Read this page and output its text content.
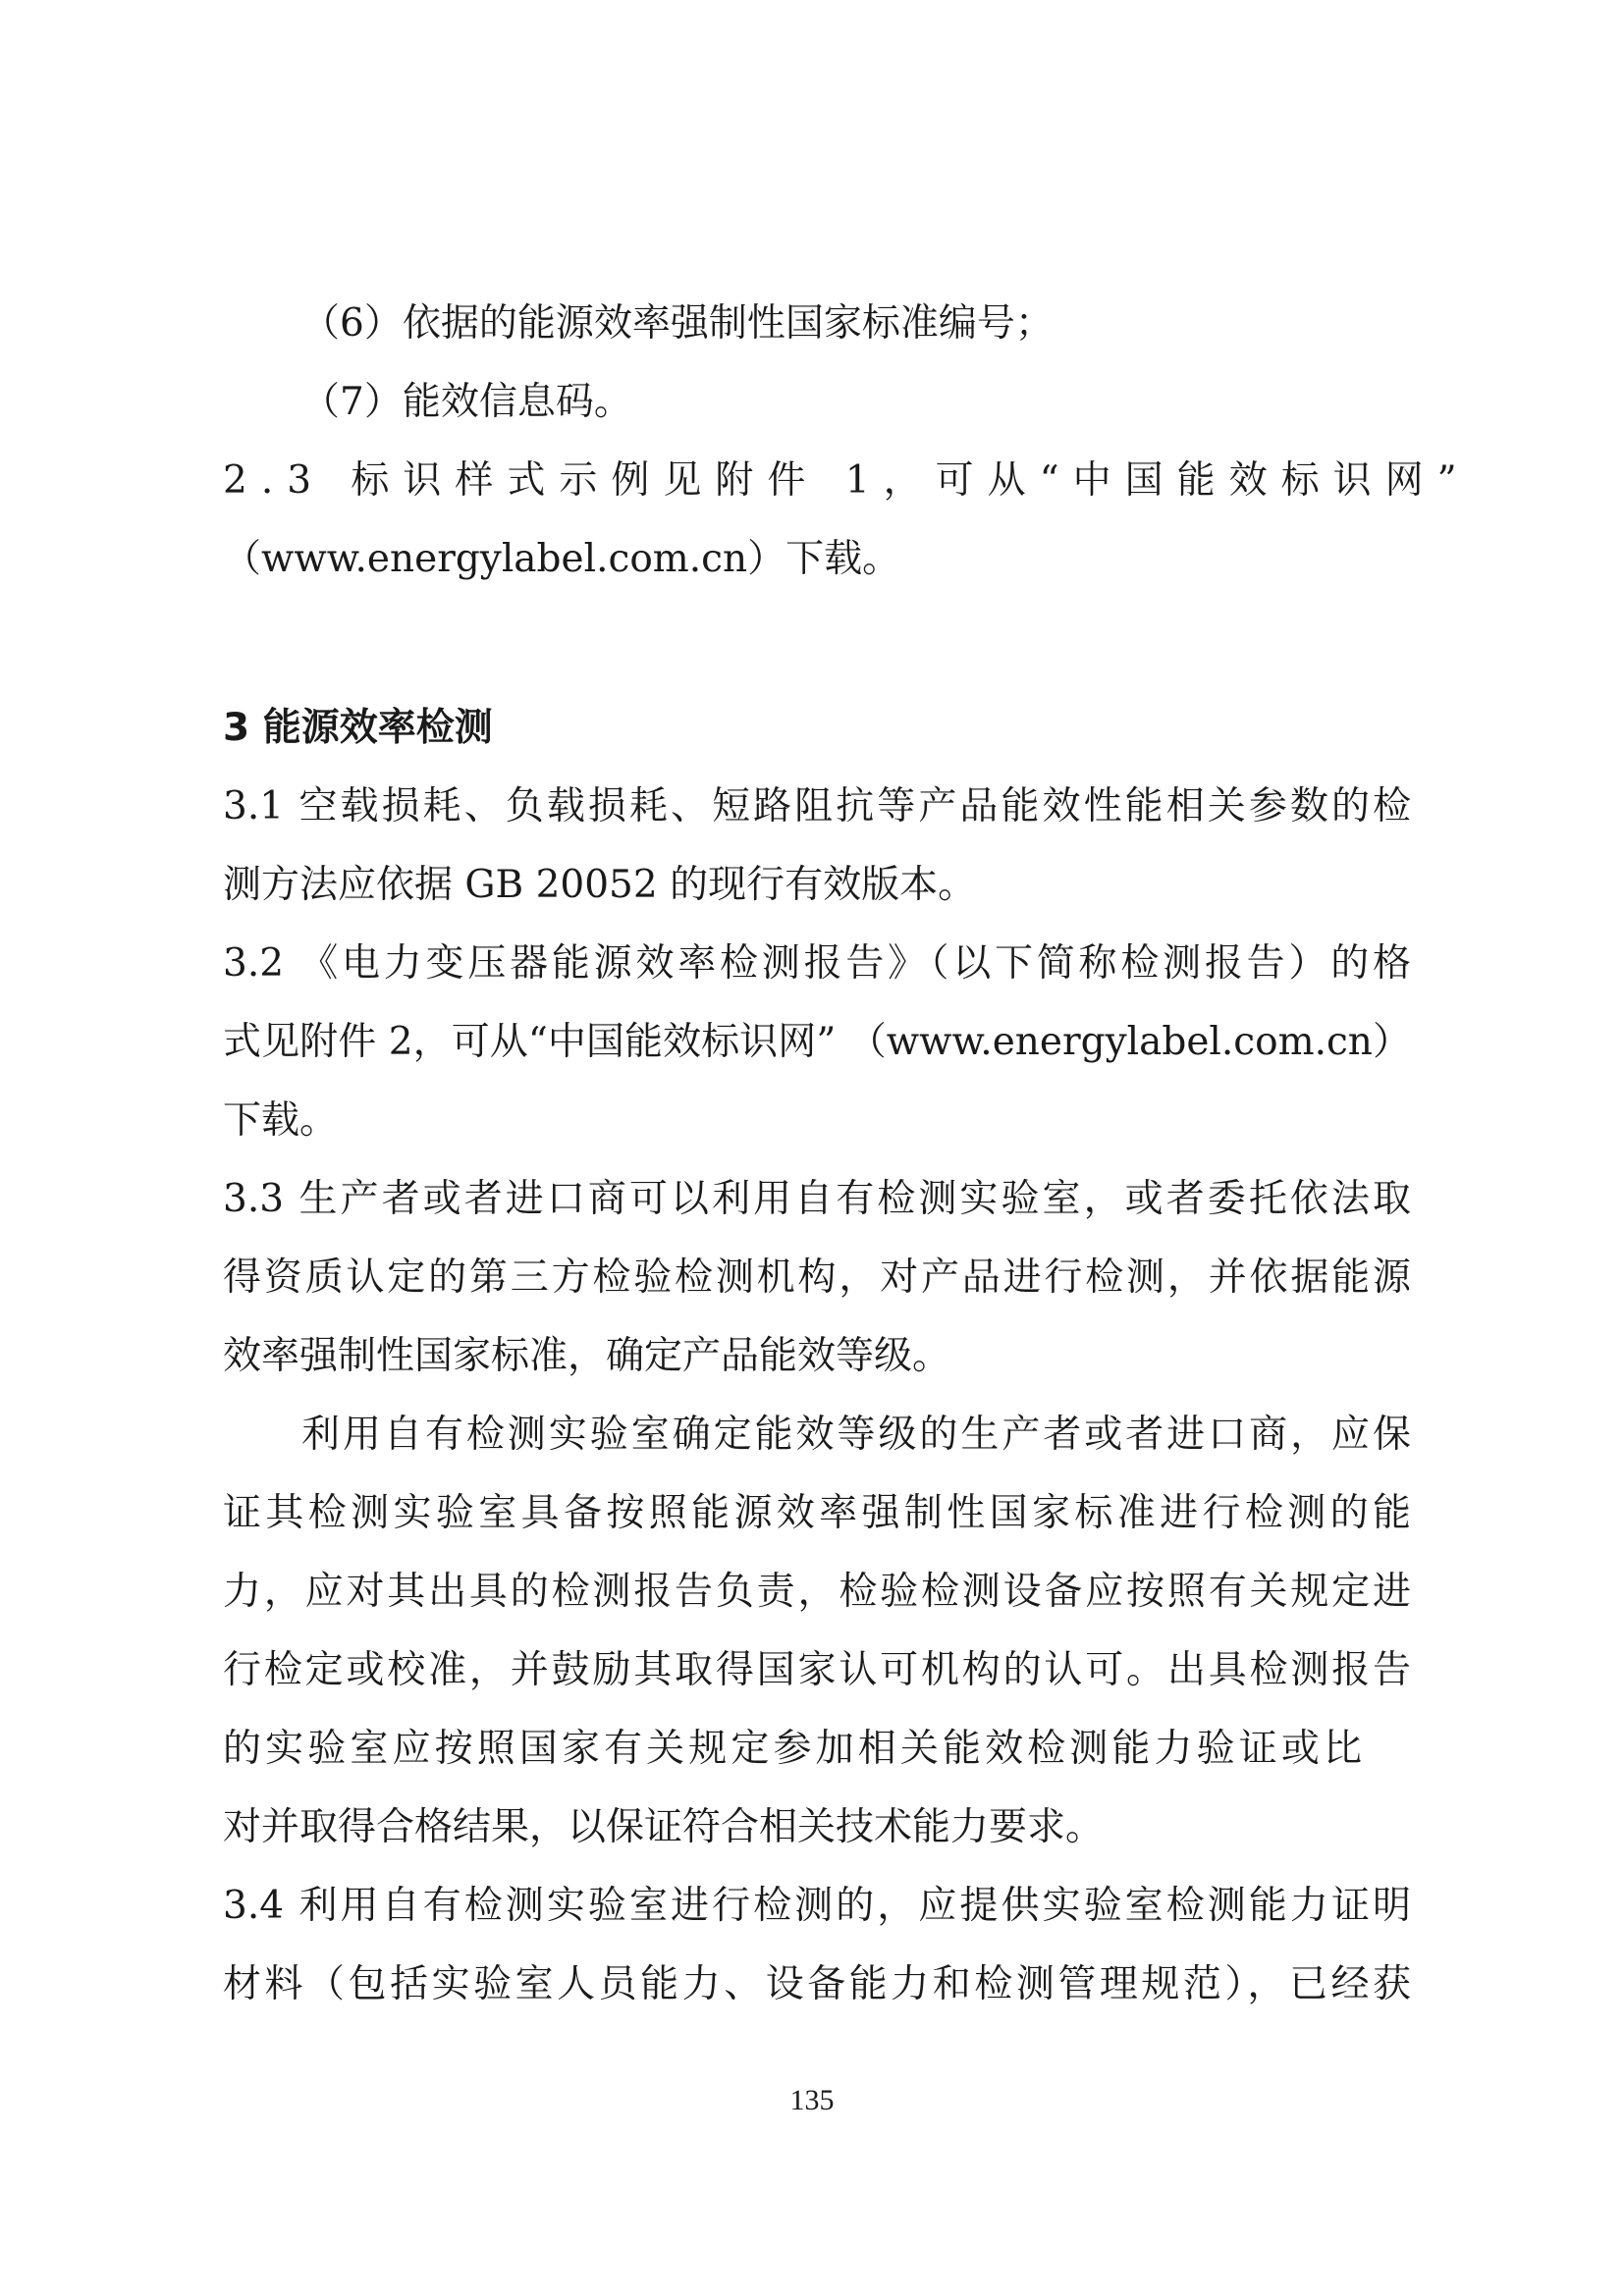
（6）依据的能源效率强制性国家标准编号；
（7）能效信息码。
2.3 标识样式示例见附件 1，可从“中国能效标识网”
（www.energylabel.com.cn）下载。
3 能源效率检测
3.1 空载损耗、负载损耗、短路阻抗等产品能效性能相关参数的检
测方法应依据 GB 20052 的现行有效版本。
3.2 《电力变压器能源效率检测报告》（以下简称检测报告）的格
式见附件 2，可从“中国能效标识网” （www.energylabel.com.cn）
下载。
3.3 生产者或者进口商可以利用自有检测实验室，或者委托依法取
得资质认定的第三方检验检测机构，对产品进行检测，并依据能源
效率强制性国家标准，确定产品能效等级。
利用自有检测实验室确定能效等级的生产者或者进口商，应保
证其检测实验室具备按照能源效率强制性国家标准进行检测的能
力，应对其出具的检测报告负责，检验检测设备应按照有关规定进
行检定或校准，并鼓励其取得国家认可机构的认可。出具检测报告
的实验室应按照国家有关规定参加相关能效检测能力验证或比
对并取得合格结果，以保证符合相关技术能力要求。
3.4 利用自有检测实验室进行检测的，应提供实验室检测能力证明
材料（包括实验室人员能力、设备能力和检测管理规范），已经获
135
